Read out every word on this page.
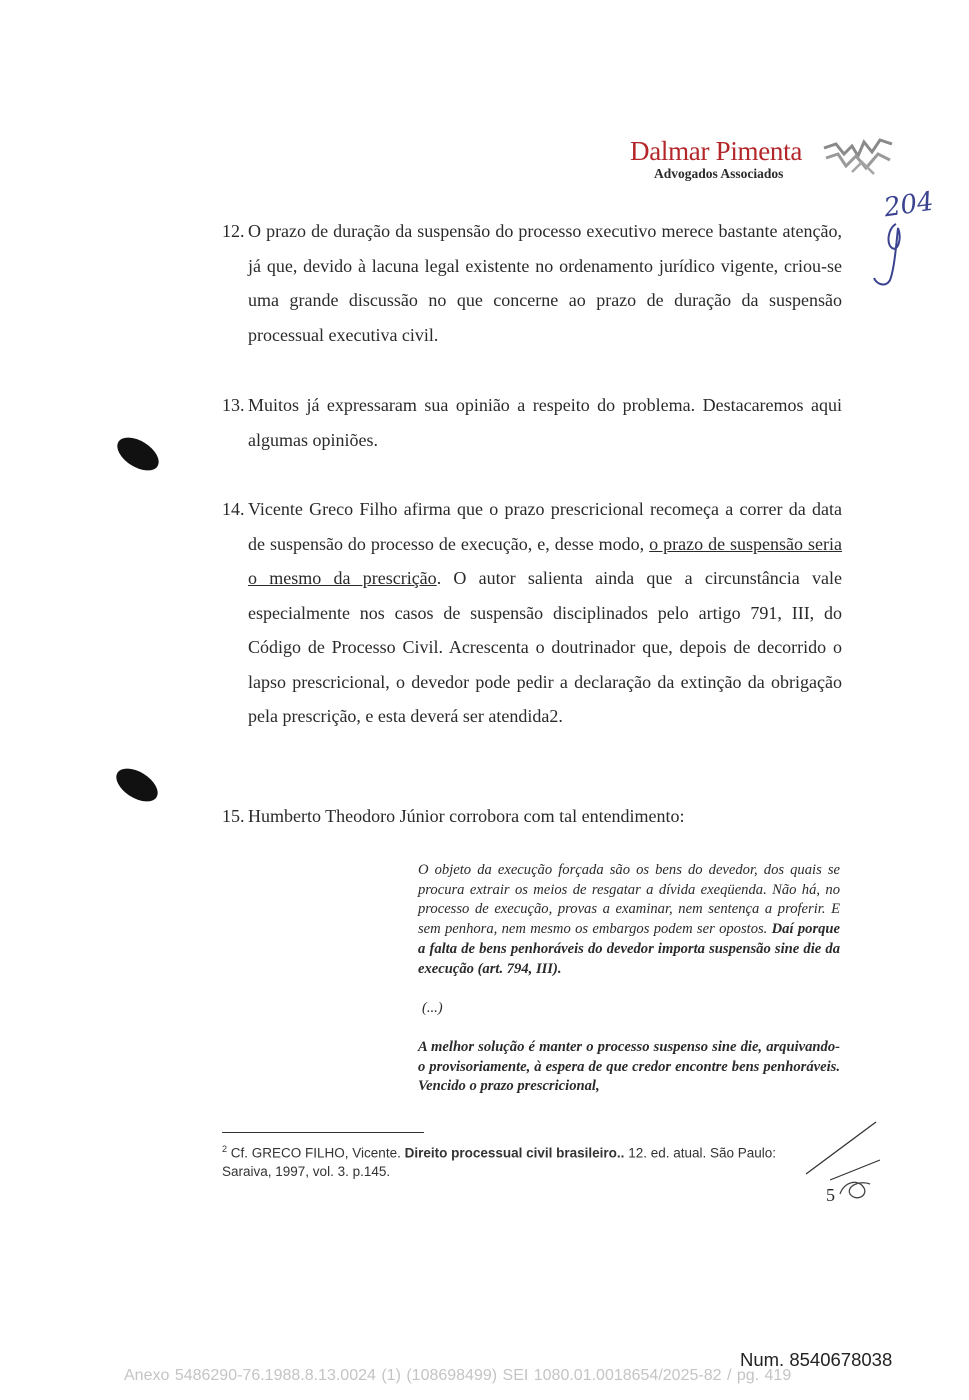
Dalmar Pimenta
Advogados Associados
204
12. O prazo de duração da suspensão do processo executivo merece bastante atenção, já que, devido à lacuna legal existente no ordenamento jurídico vigente, criou-se uma grande discussão no que concerne ao prazo de duração da suspensão processual executiva civil.
13. Muitos já expressaram sua opinião a respeito do problema. Destacaremos aqui algumas opiniões.
14. Vicente Greco Filho afirma que o prazo prescricional recomeça a correr da data de suspensão do processo de execução, e, desse modo, o prazo de suspensão seria o mesmo da prescrição. O autor salienta ainda que a circunstância vale especialmente nos casos de suspensão disciplinados pelo artigo 791, III, do Código de Processo Civil. Acrescenta o doutrinador que, depois de decorrido o lapso prescricional, o devedor pode pedir a declaração da extinção da obrigação pela prescrição, e esta deverá ser atendida2.
15. Humberto Theodoro Júnior corrobora com tal entendimento:
O objeto da execução forçada são os bens do devedor, dos quais se procura extrair os meios de resgatar a dívida exeqüenda. Não há, no processo de execução, provas a examinar, nem sentença a proferir. E sem penhora, nem mesmo os embargos podem ser opostos. Daí porque a falta de bens penhoráveis do devedor importa suspensão sine die da execução (art. 794, III).
(...)
A melhor solução é manter o processo suspenso sine die, arquivando-o provisoriamente, à espera de que credor encontre bens penhoráveis. Vencido o prazo prescricional,
$^2$ Cf. GRECO FILHO, Vicente. Direito processual civil brasileiro.. 12. ed. atual. São Paulo: Saraiva, 1997, vol. 3. p.145.
5
Num. 8540678038
Anexo 5486290-76.1988.8.13.0024 (1) (108698499) SEI 1080.01.0018654/2025-82 / pg. 419
